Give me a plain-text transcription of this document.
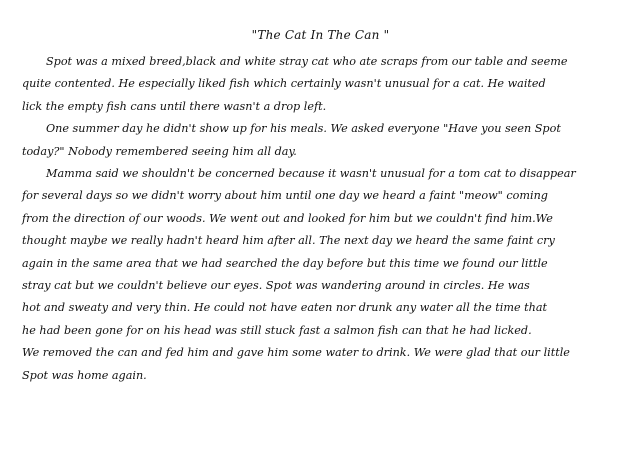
"The Cat In The Can "
Spot was a mixed breed,black and white stray cat who ate scraps from our table and seeme
quite contented. He especially liked fish which certainly wasn't unusual for a cat. He waited
lick the empty fish cans until there wasn't a drop left.
One summer day he didn't show up for his meals. We asked everyone "Have you seen Spot
today?" Nobody remembered seeing him all day.
Mamma said we shouldn't be concerned because it wasn't unusual for a tom cat to disappear
for several days so we didn't worry about him until one day we heard a faint "meow" coming
from the direction of our woods. We went out and looked for him but we couldn't find him.We
thought maybe we really hadn't heard him after all. The next day we heard the same faint cry
again in the same area that we had searched the day before but this time we found our little
stray cat but we couldn't believe our eyes. Spot was wandering around in circles. He was
hot and sweaty and very thin. He could not have eaten nor drunk any water all the time that
he had been gone for on his head was still stuck fast a salmon fish can that he had licked.
We removed the can and fed him and gave him some water to drink. We were glad that our little
Spot was home again.
